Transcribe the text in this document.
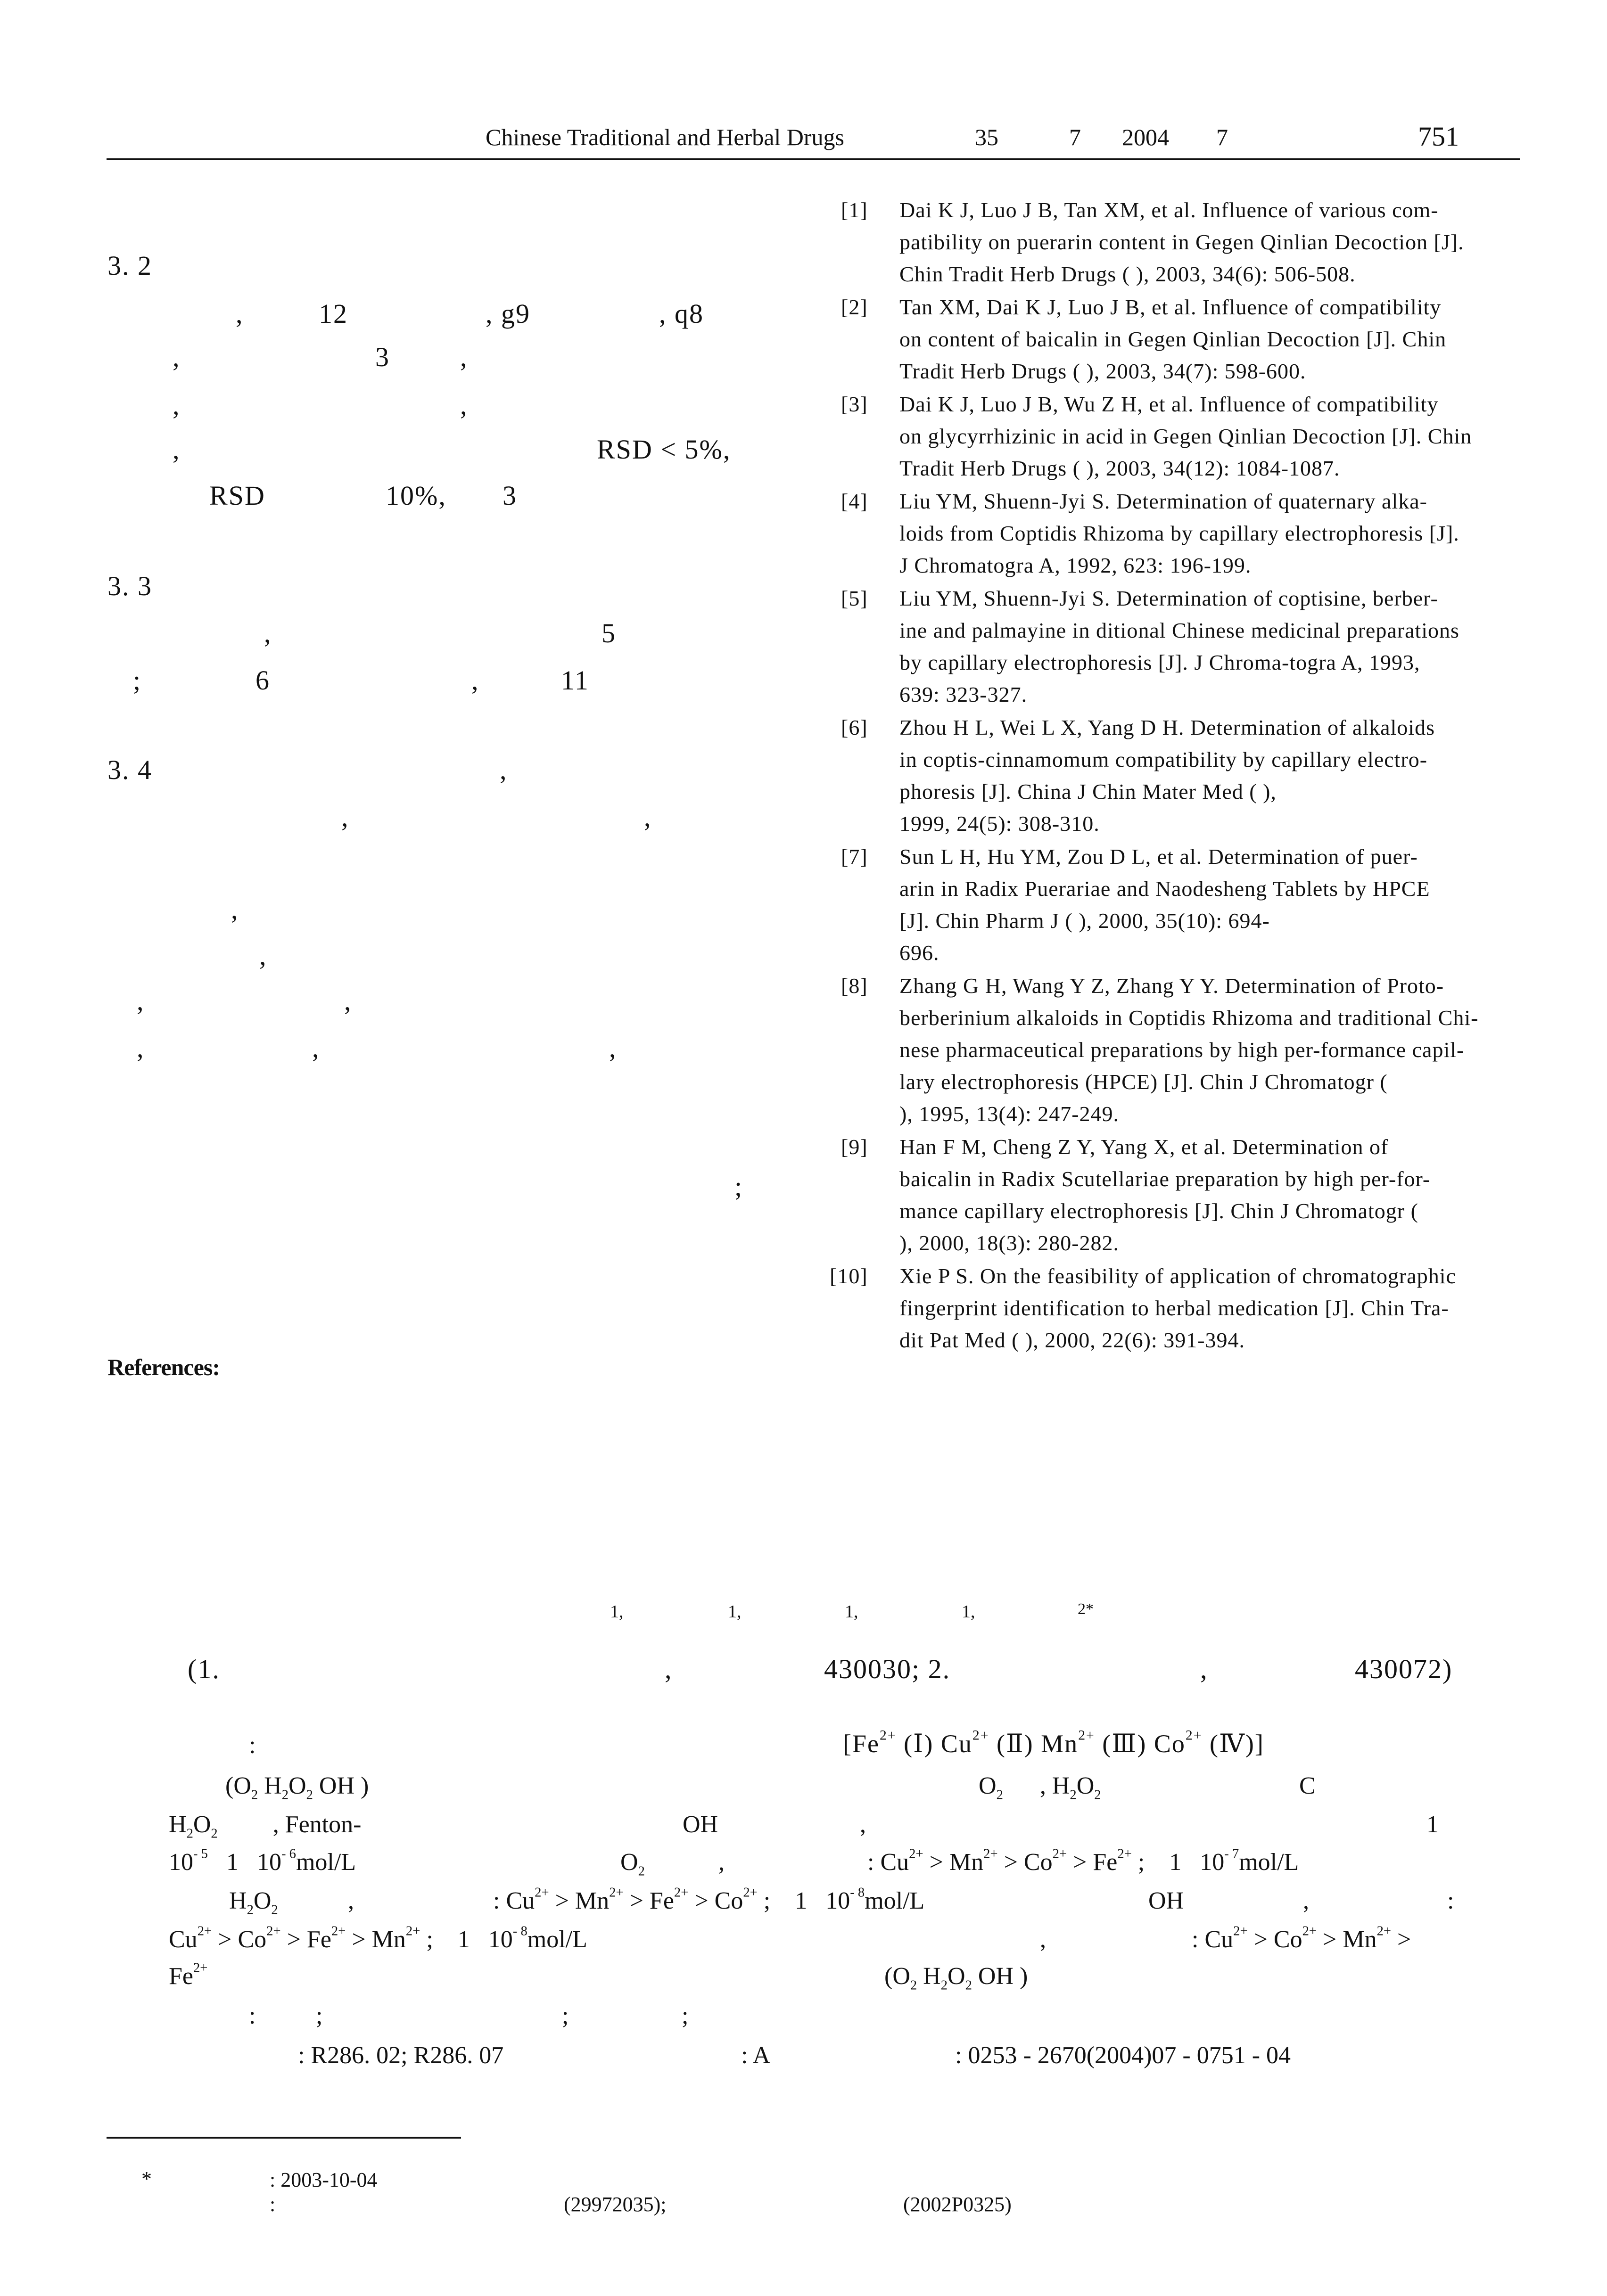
Chinese Traditional and Herbal Drugs	35	7 2004 7	751
3. 2
,	12	, g9	, q8
,	3	,
,	,
,	RSD < 5%,
RSD	10%, 3
3. 3
,	5
;	6	,	11
3. 4	,
,	,
,
,
,	,
,	,	,
;
References:
[1] Dai K J, Luo J B, Tan XM, et al. Influence of various com-
patibility on puerarin content in Gegen Qinlian Decoction [J].
Chin Tradit Herb Drugs ( ), 2003, 34(6): 506-508.
[2] Tan XM, Dai K J, Luo J B, et al. Influence of compatibility
on content of baicalin in Gegen Qinlian Decoction [J]. Chin
Tradit Herb Drugs ( ), 2003, 34(7): 598-600.
[3] Dai K J, Luo J B, Wu Z H, et al. Influence of compatibility
on glycyrrhizinic in acid in Gegen Qinlian Decoction [J]. Chin
Tradit Herb Drugs ( ), 2003, 34(12): 1084-1087.
[4] Liu YM, Shuenn-Jyi S. Determination of quaternary alka-
loids from Coptidis Rhizoma by capillary electrophoresis [J].
J Chromatogra A, 1992, 623: 196-199.
[5] Liu YM, Shuenn-Jyi S. Determination of coptisine, berber-
ine and palmayine in ditional Chinese medicinal preparations
by capillary electrophoresis [J]. J Chroma-togra A, 1993,
639: 323-327.
[6] Zhou H L, Wei L X, Yang D H. Determination of alkaloids
in coptis-cinnamomum compatibility by capillary electro-
phoresis [J]. China J Chin Mater Med ( ),
1999, 24(5): 308-310.
[7] Sun L H, Hu YM, Zou D L, et al. Determination of puer-
arin in Radix Puerariae and Naodesheng Tablets by HPCE
[J]. Chin Pharm J ( ), 2000, 35(10): 694-
696.
[8] Zhang G H, Wang Y Z, Zhang Y Y. Determination of Proto-
berberinium alkaloids in Coptidis Rhizoma and traditional Chi-
nese pharmaceutical preparations by high per-formance capil-
lary electrophoresis (HPCE) [J]. Chin J Chromatogr (
), 1995, 13(4): 247-249.
[9] Han F M, Cheng Z Y, Yang X, et al. Determination of
baicalin in Radix Scutellariae preparation by high per-for-
mance capillary electrophoresis [J]. Chin J Chromatogr (
), 2000, 18(3): 280-282.
[10] Xie P S. On the feasibility of application of chromatographic
fingerprint identification to herbal medication [J]. Chin Tra-
dit Pat Med ( ), 2000, 22(6): 391-394.
1,	1,	1,	1,	2*
(1.	,	430030; 2.	,	430072)
:	[$Fe^{2+}$ (Ⅰ) $Cu^{2+}$ (Ⅱ) $Mn^{2+}$ (Ⅲ) $Co^{2+}$ (Ⅳ)]
($O_2$ $H_2O_2$ OH )	$O_2$      , $H_2O_2$	C
$H_2O_2$         , Fenton-	OH	,	1
$10^{- 5}$   1   $10^{- 6}mol/L$	$O_2$	,	: $Cu^{2+} > Mn^{2+} > Co^{2+} > Fe^{2+}$ ;    1   $10^{- 7}mol/L$
$H_2O_2$	,	: $Cu^{2+} > Mn^{2+} > Fe^{2+} > Co^{2+}$ ;    1   $10^{- 8}mol/L$	OH	,	:
$Cu^{2+} > Co^{2+} > Fe^{2+} > Mn^{2+}$ ;    1   $10^{- 8}mol/L$	,	: $Cu^{2+} > Co^{2+} > Mn^{2+}$ >
$Fe^{2+}$	($O_2$ $H_2O_2$ OH )
: ;	;	;
: R286. 02; R286. 07	: A	: 0253 - 2670(2004)07 - 0751 - 04
*	: 2003-10-04
:	(29972035);	(2002P0325)
